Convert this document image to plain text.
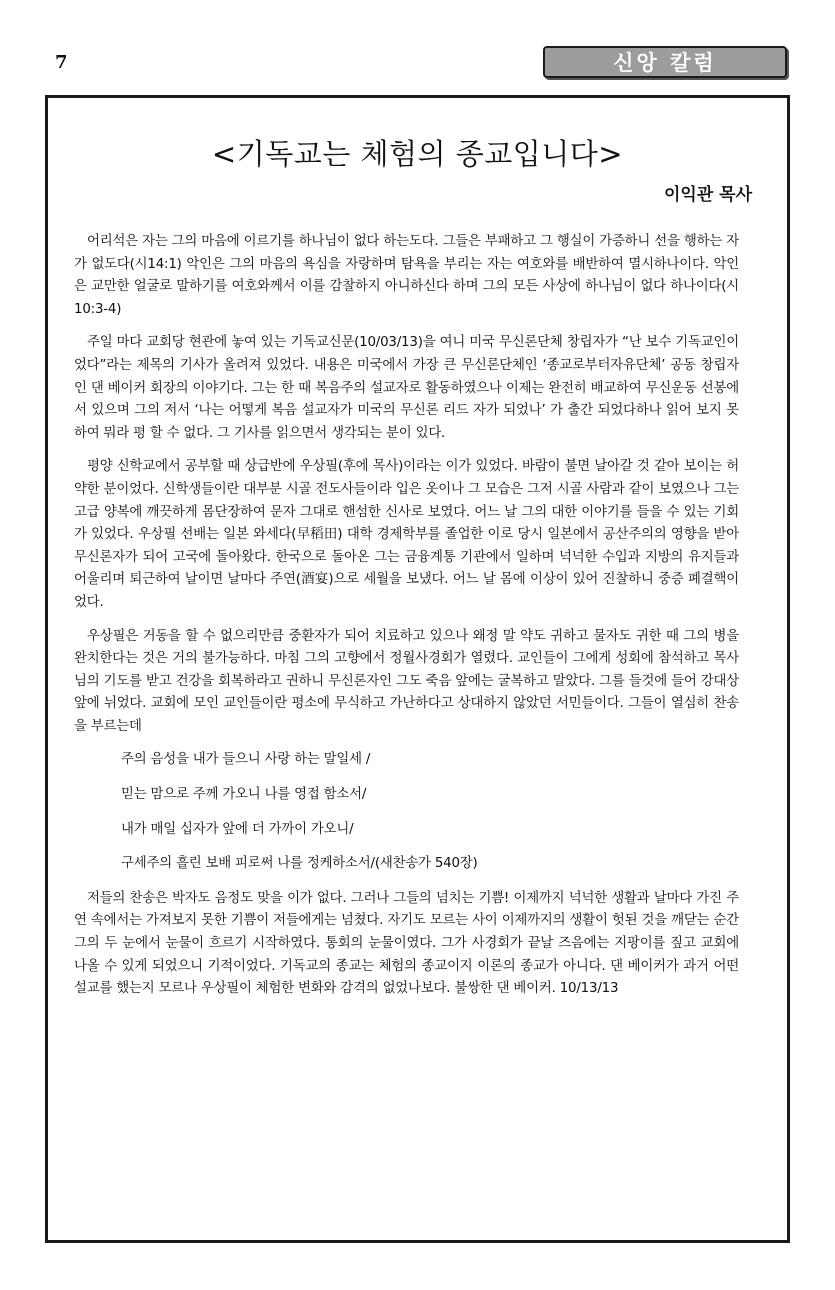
7	신앙 칼럼
<기독교는 체험의 종교입니다>
이익관 목사

어리석은 자는 그의 마음에 이르기를 하나님이 없다 하는도다. 그들은 부패하고 그 행실이 가증하니 선을 행하는 자가 없도다(시14:1) 악인은 그의 마음의 욕심을 자랑하며 탐욕을 부리는 자는 여호와를 배반하여 멸시하나이다. 악인은 교만한 얼굴로 말하기를 여호와께서 이를 감찰하지 아니하신다 하며 그의 모든 사상에 하나님이 없다 하나이다(시10:3-4)

주일 마다 교회당 현관에 놓여 있는 기독교신문(10/03/13)을 여니 미국 무신론단체 창립자가 “난 보수 기독교인이었다”라는 제목의 기사가 올려져 있었다. 내용은 미국에서 가장 큰 무신론단체인 ‘종교로부터자유단체’ 공동 창립자인 댄 베이커 회장의 이야기다. 그는 한 때 복음주의 설교자로 활동하였으나 이제는 완전히 배교하여 무신운동 선봉에 서 있으며 그의 저서 ‘나는 어떻게 복음 설교자가 미국의 무신론 리드 자가 되었나’ 가 출간 되었다하나 읽어 보지 못하여 뭐라 평 할 수 없다. 그 기사를 읽으면서 생각되는 분이 있다.

평양 신학교에서 공부할 때 상급반에 우상필(후에 목사)이라는 이가 있었다. 바람이 불면 날아갈 것 같아 보이는 허약한 분이었다. 신학생들이란 대부분 시골 전도사들이라 입은 옷이나 그 모습은 그저 시골 사람과 같이 보였으나 그는 고급 양복에 깨끗하게 몸단장하여 문자 그대로 핸섬한 신사로 보였다. 어느 날 그의 대한 이야기를 들을 수 있는 기회가 있었다. 우상필 선배는 일본 와세다(早稻田) 대학 경제학부를 졸업한 이로 당시 일본에서 공산주의의 영향을 받아 무신론자가 되어 고국에 돌아왔다. 한국으로 돌아온 그는 금융계통 기관에서 일하며 넉넉한 수입과 지방의 유지들과 어울리며 퇴근하여 날이면 날마다 주연(酒宴)으로 세월을 보냈다. 어느 날 몸에 이상이 있어 진찰하니 중증 폐결핵이었다.

우상필은 거동을 할 수 없으리만큼 중환자가 되어 치료하고 있으나 왜정 말 약도 귀하고 물자도 귀한 때 그의 병을 완치한다는 것은 거의 불가능하다. 마침 그의 고향에서 정월사경회가 열렸다. 교인들이 그에게 성회에 참석하고 목사님의 기도를 받고 건강을 회복하라고 권하니 무신론자인 그도 죽음 앞에는 굴복하고 말았다. 그를 들것에 들어 강대상 앞에 뉘었다. 교회에 모인 교인들이란 평소에 무식하고 가난하다고 상대하지 않았던 서민들이다. 그들이 열심히 찬송을 부르는데

주의 음성을 내가 들으니 사랑 하는 말일세 /

믿는 맘으로 주께 가오니 나를 영접 함소서/

내가 매일 십자가 앞에 더 가까이 가오니/

구세주의 흘린 보배 피로써 나를 정케하소서/(새찬송가 540장)

저들의 찬송은 박자도 음정도 맞을 이가 없다. 그러나 그들의 넘치는 기쁨! 이제까지 넉넉한 생활과 날마다 가진 주연 속에서는 가져보지 못한 기쁨이 저들에게는 넘쳤다. 자기도 모르는 사이 이제까지의 생활이 헛된 것을 깨닫는 순간 그의 두 눈에서 눈물이 흐르기 시작하였다. 통회의 눈물이였다. 그가 사경회가 끝날 즈음에는 지팡이를 짚고 교회에 나올 수 있게 되었으니 기적이었다. 기독교의 종교는 체험의 종교이지 이론의 종교가 아니다. 댄 베이커가 과거 어떤 설교를 했는지 모르나 우상필이 체험한 변화와 감격의 없었나보다. 불쌍한 댄 베이커. 10/13/13
